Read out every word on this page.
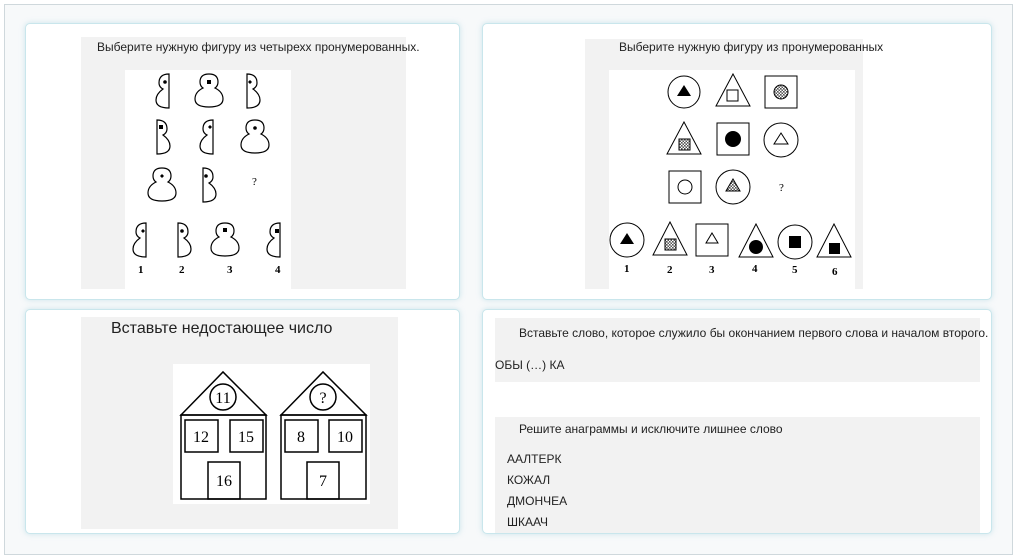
Выберите нужную фигуру из четырехх пронумерованных.
?
1	2	3	4
Выберите нужную фигуру из пронумерованных
?
1	2	3	4	5	6
Вставьте недостающее число
11
12 15
16
?
8 10
7
Вставьте слово, которое служило бы окончанием первого слова и началом второго.
ОБЫ (…) КА
Решите анаграммы и исключите лишнее слово
ААЛТЕРК
КОЖАЛ
ДМОНЧЕА
ШКААЧ
